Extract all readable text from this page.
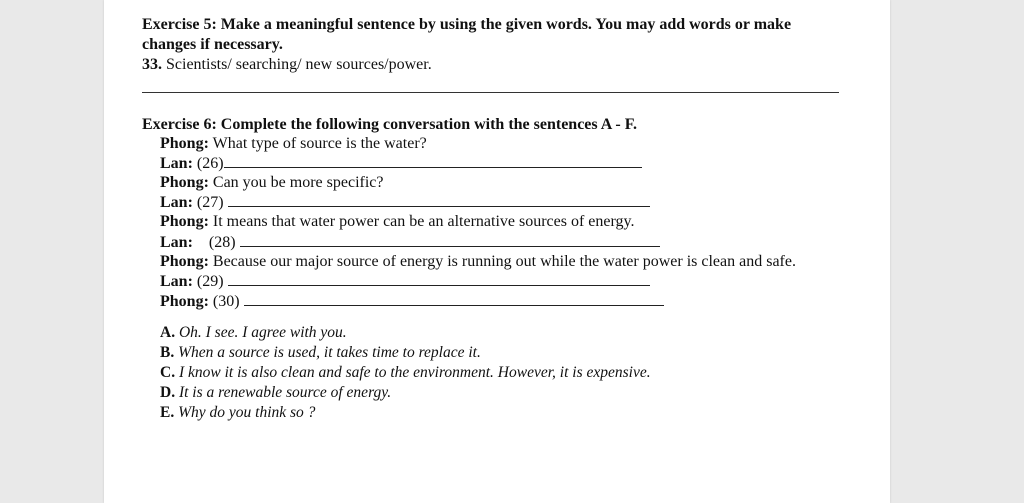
Exercise 5: Make a meaningful sentence by using the given words. You may add words or make
changes if necessary.
33. Scientists/ searching/ new sources/power.
Exercise 6: Complete the following conversation with the sentences A - F.
Phong: What type of source is the water?
Lan: (26)
Phong: Can you be more specific?
Lan: (27)
Phong: It means that water power can be an alternative sources of energy.
Lan:    (28)
Phong: Because our major source of energy is running out while the water power is clean and safe.
Lan: (29)
Phong: (30)
A. Oh. I see. I agree with you.
B. When a source is used, it takes time to replace it.
C. I know it is also clean and safe to the environment. However, it is expensive.
D. It is a renewable source of energy.
E. Why do you think so ?
